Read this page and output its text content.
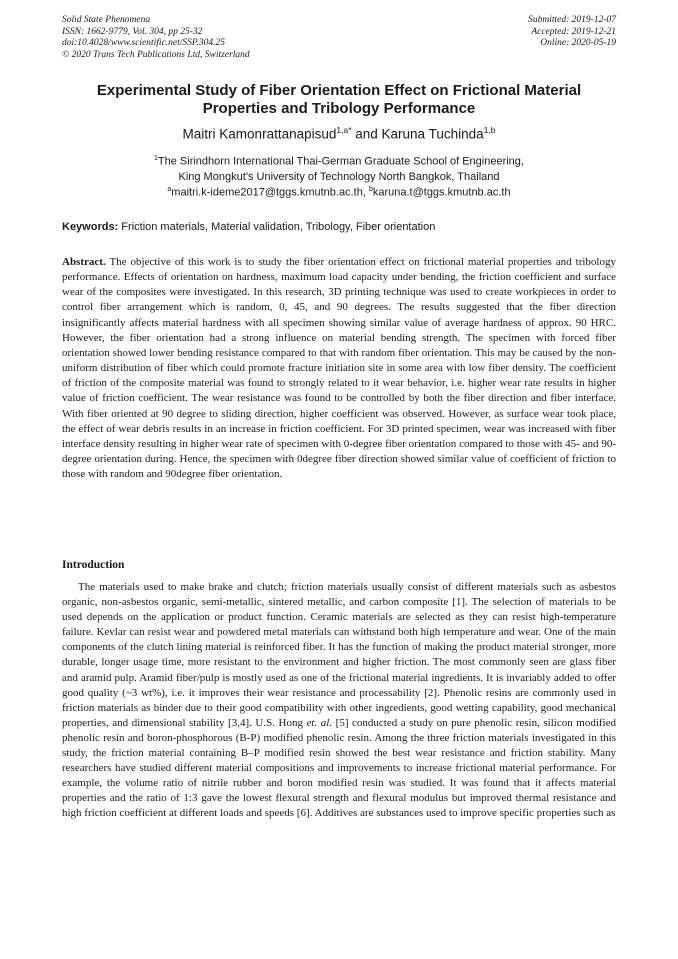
Solid State Phenomena
ISSN: 1662-9779, Vol. 304, pp 25-32
doi:10.4028/www.scientific.net/SSP.304.25
© 2020 Trans Tech Publications Ltd, Switzerland
Submitted: 2019-12-07
Accepted: 2019-12-21
Online: 2020-05-19
Experimental Study of Fiber Orientation Effect on Frictional Material Properties and Tribology Performance
Maitri Kamonrattanapisud$^{1,a*}$ and Karuna Tuchinda$^{1,b}$
$^1$The Sirindhorn International Thai-German Graduate School of Engineering,
King Mongkut’s University of Technology North Bangkok, Thailand
$^a$maitri.k-ideme2017@tggs.kmutnb.ac.th, $^b$karuna.t@tggs.kmutnb.ac.th
Keywords: Friction materials, Material validation, Tribology, Fiber orientation
Abstract. The objective of this work is to study the fiber orientation effect on frictional material properties and tribology performance. Effects of orientation on hardness, maximum load capacity under bending, the friction coefficient and surface wear of the composites were investigated. In this research, 3D printing technique was used to create workpieces in order to control fiber arrangement which is random, 0, 45, and 90 degrees. The results suggested that the fiber direction insignificantly affects material hardness with all specimen showing similar value of average hardness of approx. 90 HRC. However, the fiber orientation had a strong influence on material bending strength. The specimen with forced fiber orientation showed lower bending resistance compared to that with random fiber orientation. This may be caused by the non-uniform distribution of fiber which could promote fracture initiation site in some area with low fiber density. The coefficient of friction of the composite material was found to strongly related to it wear behavior, i.e. higher wear rate results in higher value of friction coefficient. The wear resistance was found to be controlled by both the fiber direction and fiber interface. With fiber oriented at 90 degree to sliding direction, higher coefficient was observed. However, as surface wear took place, the effect of wear debris results in an increase in friction coefficient. For 3D printed specimen, wear was increased with fiber interface density resulting in higher wear rate of specimen with 0-degree fiber orientation compared to those with 45- and 90-degree orientation during. Hence, the specimen with 0degree fiber direction showed similar value of coefficient of friction to those with random and 90degree fiber orientation.
Introduction
The materials used to make brake and clutch; friction materials usually consist of different materials such as asbestos organic, non-asbestos organic, semi-metallic, sintered metallic, and carbon composite [1]. The selection of materials to be used depends on the application or product function. Ceramic materials are selected as they can resist high-temperature failure. Kevlar can resist wear and powdered metal materials can withstand both high temperature and wear. One of the main components of the clutch lining material is reinforced fiber. It has the function of making the product material stronger, more durable, longer usage time, more resistant to the environment and higher friction. The most commonly seen are glass fiber and aramid pulp. Aramid fiber/pulp is mostly used as one of the frictional material ingredients. It is invariably added to offer good quality (~3 wt%), i.e. it improves their wear resistance and processability [2]. Phenolic resins are commonly used in friction materials as binder due to their good compatibility with other ingredients, good wetting capability, good mechanical properties, and dimensional stability [3,4]. U.S. Hong et. al. [5] conducted a study on pure phenolic resin, silicon modified phenolic resin and boron-phosphorous (B-P) modified phenolic resin. Among the three friction materials investigated in this study, the friction material containing B–P modified resin showed the best wear resistance and friction stability. Many researchers have studied different material compositions and improvements to increase frictional material performance. For example, the volume ratio of nitrile rubber and boron modified resin was studied. It was found that it affects material properties and the ratio of 1:3 gave the lowest flexural strength and flexural modulus but improved thermal resistance and high friction coefficient at different loads and speeds [6]. Additives are substances used to improve specific properties such as
